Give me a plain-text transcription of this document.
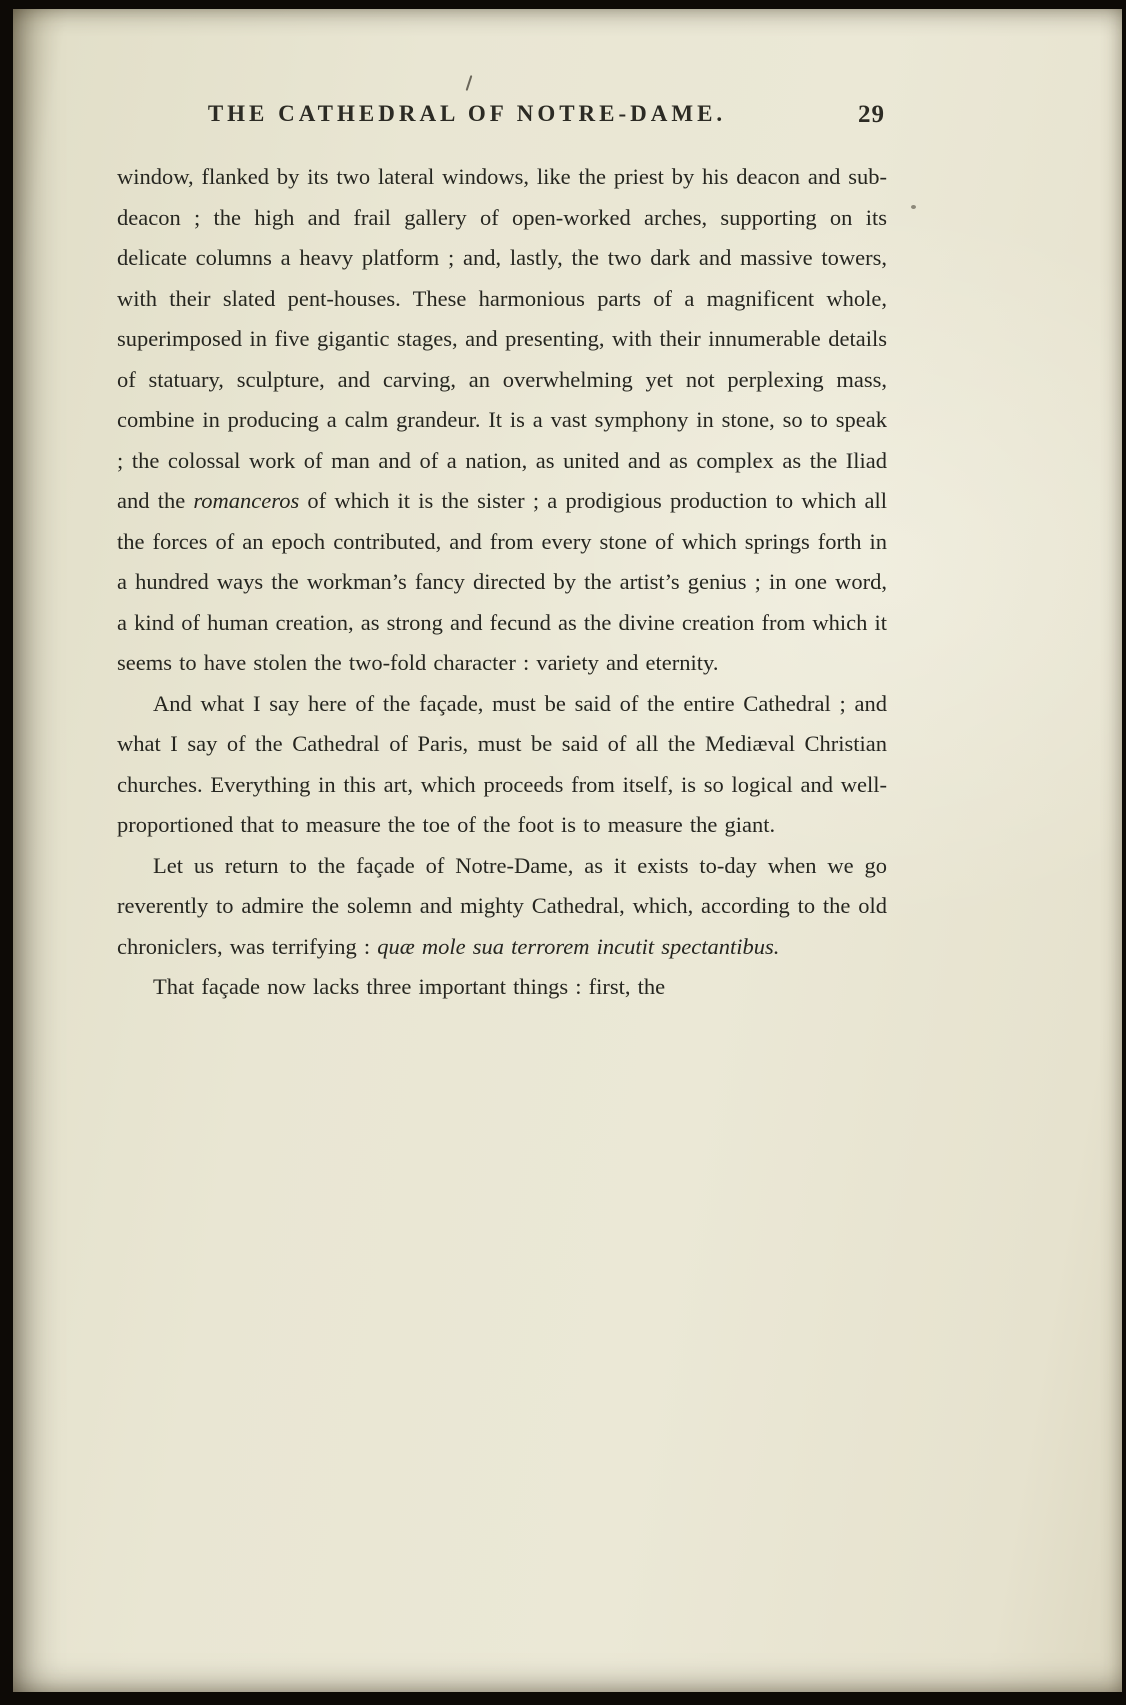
THE CATHEDRAL OF NOTRE-DAME.	29

window, flanked by its two lateral windows, like the priest by his deacon and sub-deacon ; the high and frail gallery of open-worked arches, supporting on its delicate columns a heavy platform ; and, lastly, the two dark and massive towers, with their slated pent-houses. These harmonious parts of a magnificent whole, superimposed in five gigantic stages, and presenting, with their innumerable details of statuary, sculpture, and carving, an overwhelming yet not perplexing mass, combine in producing a calm grandeur. It is a vast symphony in stone, so to speak ; the colossal work of man and of a nation, as united and as complex as the Iliad and the romanceros of which it is the sister ; a prodigious production to which all the forces of an epoch contributed, and from every stone of which springs forth in a hundred ways the workman’s fancy directed by the artist’s genius ; in one word, a kind of human creation, as strong and fecund as the divine creation from which it seems to have stolen the two-fold character : variety and eternity.

And what I say here of the façade, must be said of the entire Cathedral ; and what I say of the Cathedral of Paris, must be said of all the Mediæval Christian churches. Everything in this art, which proceeds from itself, is so logical and well-proportioned that to measure the toe of the foot is to measure the giant.

Let us return to the façade of Notre-Dame, as it exists to-day when we go reverently to admire the solemn and mighty Cathedral, which, according to the old chroniclers, was terrifying : quæ mole sua terrorem incutit spectantibus.

That façade now lacks three important things : first, the
